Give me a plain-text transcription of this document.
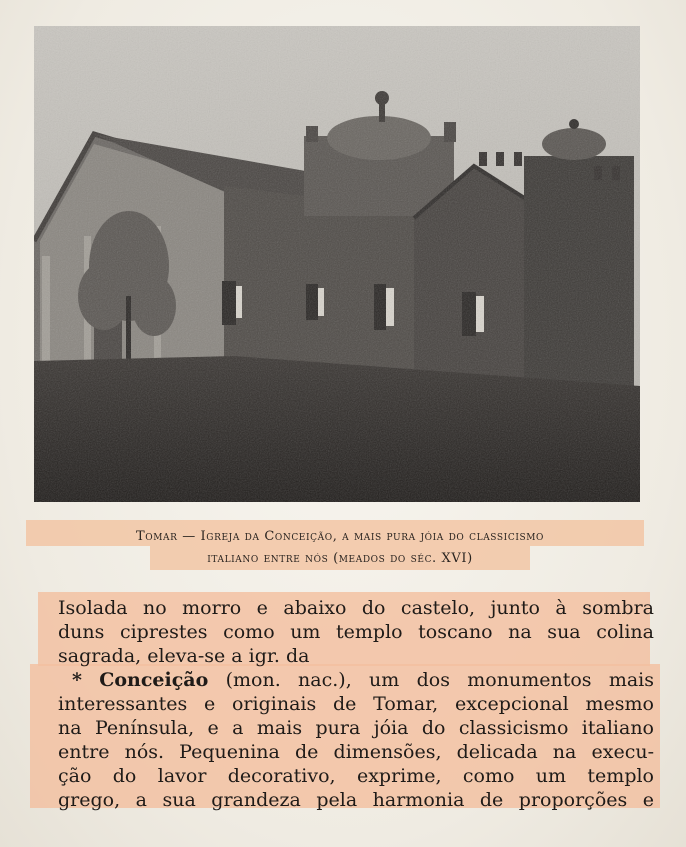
Tomar — Igreja da Conceição, a mais pura jóia do classicismo
italiano entre nós (meados do séc. XVI)
Isolada no morro e abaixo do castelo, junto à sombra
duns ciprestes como um templo toscano na sua colina
sagrada, eleva-se a igr. da
* Conceição (mon. nac.), um dos monumentos mais
interessantes e originais de Tomar, excepcional mesmo
na Península, e a mais pura jóia do classicismo italiano
entre nós. Pequenina de dimensões, delicada na execu-
ção do lavor decorativo, exprime, como um templo
grego, a sua grandeza pela harmonia de proporções e
